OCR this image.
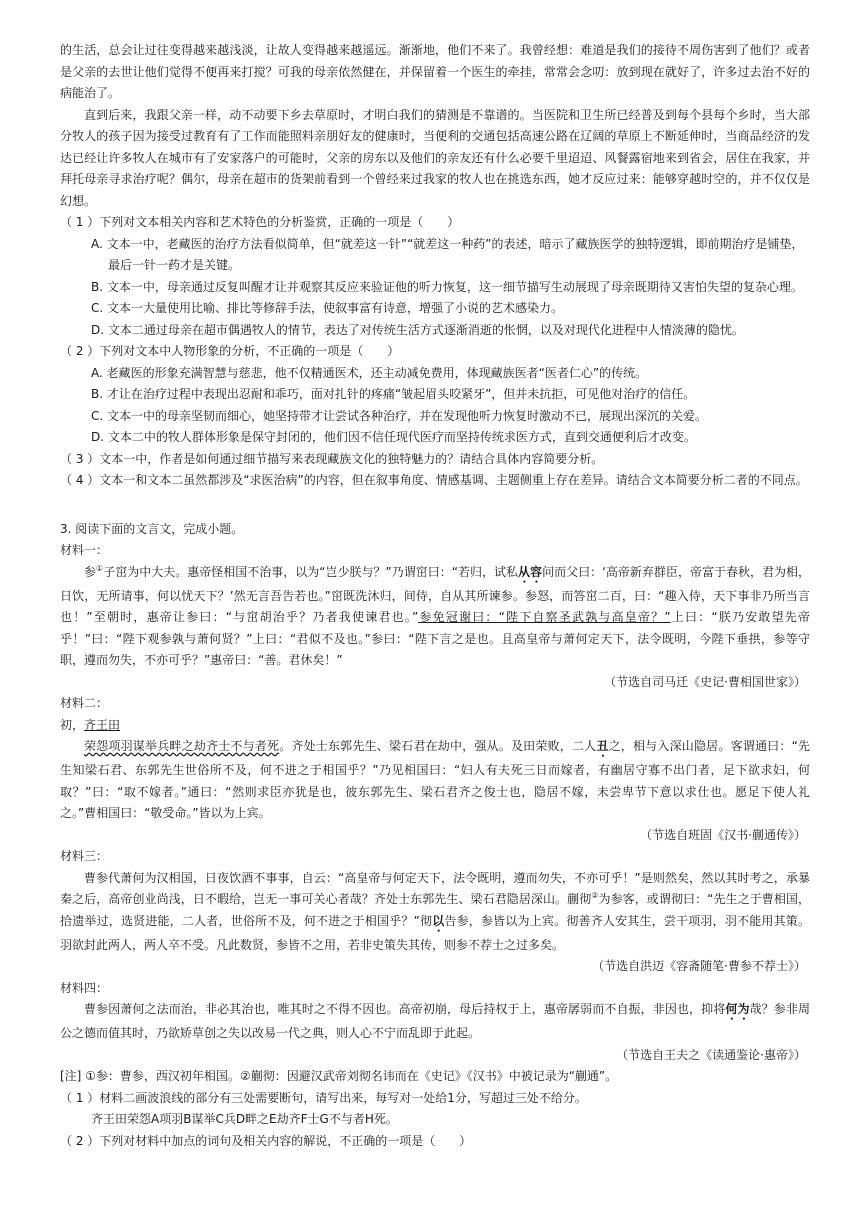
的生活，总会让过往变得越来越浅淡，让故人变得越来越遥远。渐渐地，他们不来了。我曾经想：难道是我们的接待不周伤害到了他们？或者是父亲的去世让他们觉得不便再来打搅？可我的母亲依然健在，并保留着一个医生的牵挂，常常会念叨：放到现在就好了，许多过去治不好的病能治了。

直到后来，我跟父亲一样，动不动要下乡去草原时，才明白我们的猜测是不靠谱的。当医院和卫生所已经普及到每个县每个乡时，当大部分牧人的孩子因为接受过教育有了工作而能照料亲朋好友的健康时，当便利的交通包括高速公路在辽阔的草原上不断延伸时，当商品经济的发达已经让许多牧人在城市有了安家落户的可能时，父亲的房东以及他们的亲友还有什么必要千里迢迢、风餐露宿地来到省会，居住在我家，并拜托母亲寻求治疗呢？偶尔，母亲在超市的货架前看到一个曾经来过我家的牧人也在挑选东西，她才反应过来：能够穿越时空的，并不仅仅是幻想。

（ 1 ）下列对文本相关内容和艺术特色的分析鉴赏，正确的一项是（　　）

A. 文本一中，老藏医的治疗方法看似简单，但“就差这一针”“就差这一种药”的表述，暗示了藏族医学的独特逻辑，即前期治疗是铺垫，

最后一针一药才是关键。

B. 文本一中，母亲通过反复叫醒才让并观察其反应来验证他的听力恢复，这一细节描写生动展现了母亲既期待又害怕失望的复杂心理。

C. 文本一大量使用比喻、排比等修辞手法，使叙事富有诗意，增强了小说的艺术感染力。

D. 文本二通过母亲在超市偶遇牧人的情节，表达了对传统生活方式逐渐消逝的怅惘，以及对现代化进程中人情淡薄的隐忧。

（ 2 ）下列对文本中人物形象的分析，不正确的一项是（　　）

A. 老藏医的形象充满智慧与慈悲，他不仅精通医术，还主动减免费用，体现藏族医者“医者仁心”的传统。

B. 才让在治疗过程中表现出忍耐和乖巧，面对扎针的疼痛“皱起眉头咬紧牙”，但并未抗拒，可见他对治疗的信任。

C. 文本一中的母亲坚韧而细心，她坚持带才让尝试各种治疗，并在发现他听力恢复时激动不已，展现出深沉的关爱。

D. 文本二中的牧人群体形象是保守封闭的，他们因不信任现代医疗而坚持传统求医方式，直到交通便利后才改变。

（ 3 ）文本一中，作者是如何通过细节描写来表现藏族文化的独特魅力的？请结合具体内容简要分析。

（ 4 ）文本一和文本二虽然都涉及“求医治病”的内容，但在叙事角度、情感基调、主题侧重上存在差异。请结合文本简要分析二者的不同点。

3. 阅读下面的文言文，完成小题。

材料一：

参①子窋为中大夫。惠帝怪相国不治事，以为“岂少朕与？”乃谓窋曰：“若归，试私从容问而父曰：‘高帝新弃群臣，帝富于春秋，君为相，日饮，无所请事，何以忧天下？’然无言吾告若也。”窋既洗沐归，间侍，自从其所谏参。参怒，而答窋二百，曰：“趣入侍，天下事非乃所当言也！”至朝时，惠帝让参曰：“与窋胡治乎？乃者我使谏君也。”参免冠谢曰：“陛下自察圣武孰与高皇帝？”上曰：“朕乃安敢望先帝乎！”曰：“陛下观参孰与萧何贤？”上曰：“君似不及也。”参曰：“陛下言之是也。且高皇帝与萧何定天下，法令既明，今陛下垂拱，参等守职，遵而勿失，不亦可乎？”惠帝曰：“善。君休矣！”

（节选自司马迁《史记·曹相国世家》）

材料二：

初，齐王田

荣怨项羽谋举兵畔之劫齐士不与者死。齐处士东郭先生、梁石君在劫中，强从。及田荣败，二人丑之，相与入深山隐居。客谓通曰：“先生知梁石君、东郭先生世俗所不及，何不进之于相国乎？”乃见相国曰：“妇人有夫死三日而嫁者，有幽居守寡不出门者，足下欲求妇，何取？”曰：“取不嫁者。”通曰：“然则求臣亦犹是也，彼东郭先生、梁石君齐之俊士也，隐居不嫁，未尝卑节下意以求仕也。愿足下使人礼之。”曹相国曰：“敬受命。”皆以为上宾。

（节选自班固《汉书·蒯通传》）

材料三：

曹参代萧何为汉相国，日夜饮酒不事事，自云：“高皇帝与何定天下，法令既明，遵而勿失，不亦可乎！”是则然矣，然以其时考之，承暴秦之后，高帝创业尚浅，日不暇给，岂无一事可关心者哉？齐处士东郭先生、梁石君隐居深山。蒯彻②为参客，或谓彻曰：“先生之于曹相国，拾遗举过，选贤进能，二人者，世俗所不及，何不进之于相国乎？”彻以告参，参皆以为上宾。彻善齐人安其生，尝干项羽，羽不能用其策。羽欲封此两人，两人卒不受。凡此数贤，参皆不之用，若非史策失其传，则参不荐士之过多矣。

（节选自洪迈《容斋随笔·曹参不荐士》）

材料四：

曹参因萧何之法而治，非必其治也，唯其时之不得不因也。高帝初崩，母后持权于上，惠帝孱弱而不自振，非因也，抑将何为哉？参非周公之德而值其时，乃欲矫草创之失以改易一代之典，则人心不宁而乱即于此起。

（节选自王夫之《读通鉴论·惠帝》）

[注] ①参：曹参，西汉初年相国。②蒯彻：因避汉武帝刘彻名讳而在《史记》《汉书》中被记录为“蒯通”。

（ 1 ）材料二画波浪线的部分有三处需要断句，请写出来，每写对一处给1分，写超过三处不给分。

齐王田荣怨A项羽B谋举C兵D畔之E劫齐F士G不与者H死。

（ 2 ）下列对材料中加点的词句及相关内容的解说，不正确的一项是（　　）
